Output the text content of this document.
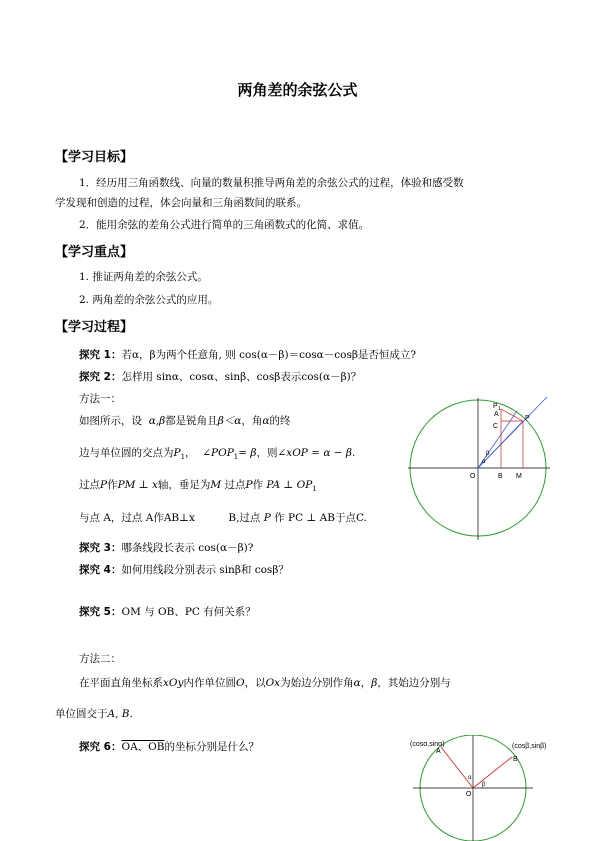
两角差的余弦公式
【学习目标】
1．经历用三角函数线、向量的数量积推导两角差的余弦公式的过程，体验和感受数
学发现和创造的过程，体会向量和三角函数间的联系。
2．能用余弦的差角公式进行简单的三角函数式的化简、求值。
【学习重点】
1. 推证两角差的余弦公式。
2. 两角差的余弦公式的应用。
【学习过程】
探究 1：若α，β为两个任意角, 则 cos(α－β)＝cosα－cosβ是否恒成立?
探究 2：怎样用 sinα、cosα、sinβ、cosβ表示cos(α－β)？
方法一：
如图所示，设 α,β都是锐角且β＜α，角α的终
边与单位圆的交点为$P_1$， $\angle POP_1= \beta$，则∠xOP = α − β.
过点P作PM ⊥ x轴，垂足为M 过点P作 PA ⊥ $OP_1$
与点 A，过点 A作AB⊥x	B,过点 P 作 PC ⊥ AB于点C.
探究 3：哪条线段长表示 cos(α－β)?
探究 4：如何用线段分别表示 sinβ和 cosβ？
探究 5：OM 与 OB、PC 有何关系？
方法二：
在平面直角坐标系xOy内作单位圆O，以Ox为始边分别作角α，β，其始边分别与
单位圆交于A, B.
探究 6：OA、OB的坐标分别是什么？
P 1
A
C
P
O	B M
β
α
(cosα,sinα)
A
(cosβ,sinβ)
B
O
α
β
